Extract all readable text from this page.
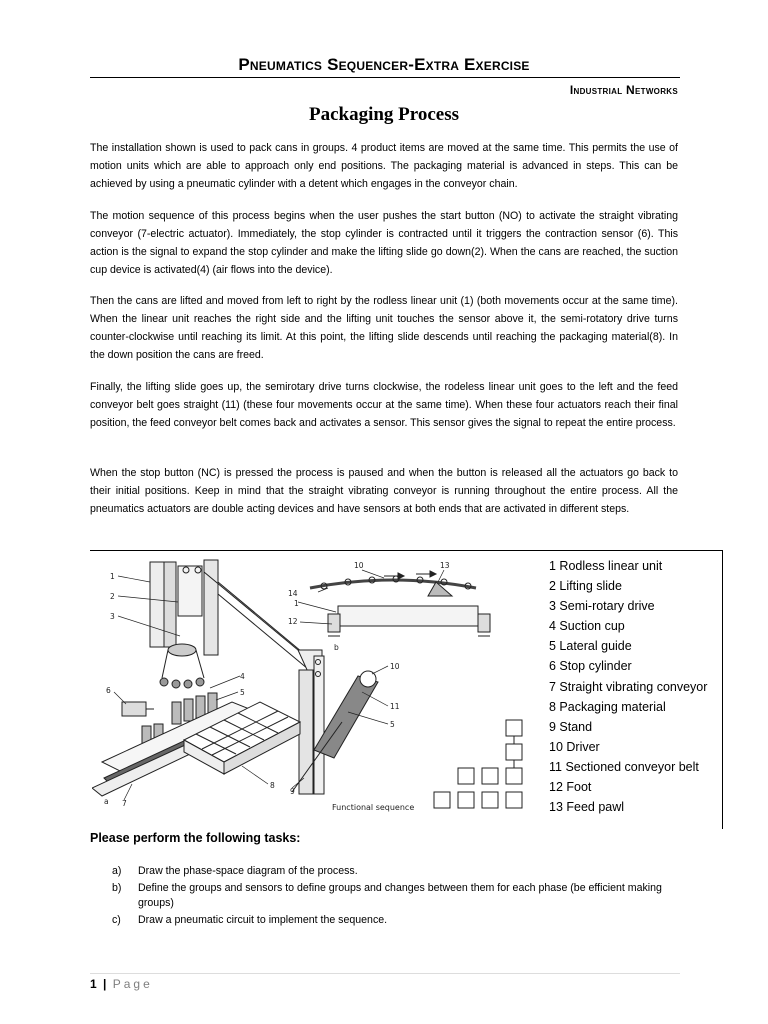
Pneumatics Sequencer-Extra Exercise
Industrial Networks
Packaging Process

The installation shown is used to pack cans in groups. 4 product items are moved at the same time. This permits the use of motion units which are able to approach only end positions. The packaging material is advanced in steps. This can be achieved by using a pneumatic cylinder with a detent which engages in the conveyor chain.

The motion sequence of this process begins when the user pushes the start button (NO) to activate the straight vibrating conveyor (7-electric actuator). Immediately, the stop cylinder is contracted until it triggers the contraction sensor (6). This action is the signal to expand the stop cylinder and make the lifting slide go down(2). When the cans are reached, the suction cup device is activated(4) (air flows into the device).

Then the cans are lifted and moved from left to right by the rodless linear unit (1) (both movements occur at the same time). When the linear unit reaches the right side and the lifting unit touches the sensor above it, the semi-rotatory drive turns counter-clockwise until reaching its limit. At this point, the lifting slide descends until reaching the packaging material(8). In the down position the cans are freed.

Finally, the lifting slide goes up, the semirotary drive turns clockwise, the rodeless linear unit goes to the left and the feed conveyor belt goes straight (11) (these four movements occur at the same time). When these four actuators reach their final position, the feed conveyor belt comes back and activates a sensor. This sensor gives the signal to repeat the entire process.

When the stop button (NC) is pressed the process is paused and when the button is released all the actuators go back to their initial positions. Keep in mind that the straight vibrating conveyor is running throughout the entire process. All the pneumatics actuators are double acting devices and have sensors at both ends that are activated in different steps.

1
2
3
4
5
6
7
8
9
10
11
5
12
13
14
1
10
a
b
Functional sequence
1 Rodless linear unit
2 Lifting slide
3 Semi-rotary drive
4 Suction cup
5 Lateral guide
6 Stop cylinder
7 Straight vibrating conveyor
8 Packaging material
9 Stand
10 Driver
11 Sectioned conveyor belt
12 Foot
13 Feed pawl
Please perform the following tasks:
a)	Draw the phase-space diagram of the process.
b)	Define the groups and sensors to define groups and changes between them for each phase (be efficient making groups)
c)	Draw a pneumatic circuit to implement the sequence.
1 | Page
